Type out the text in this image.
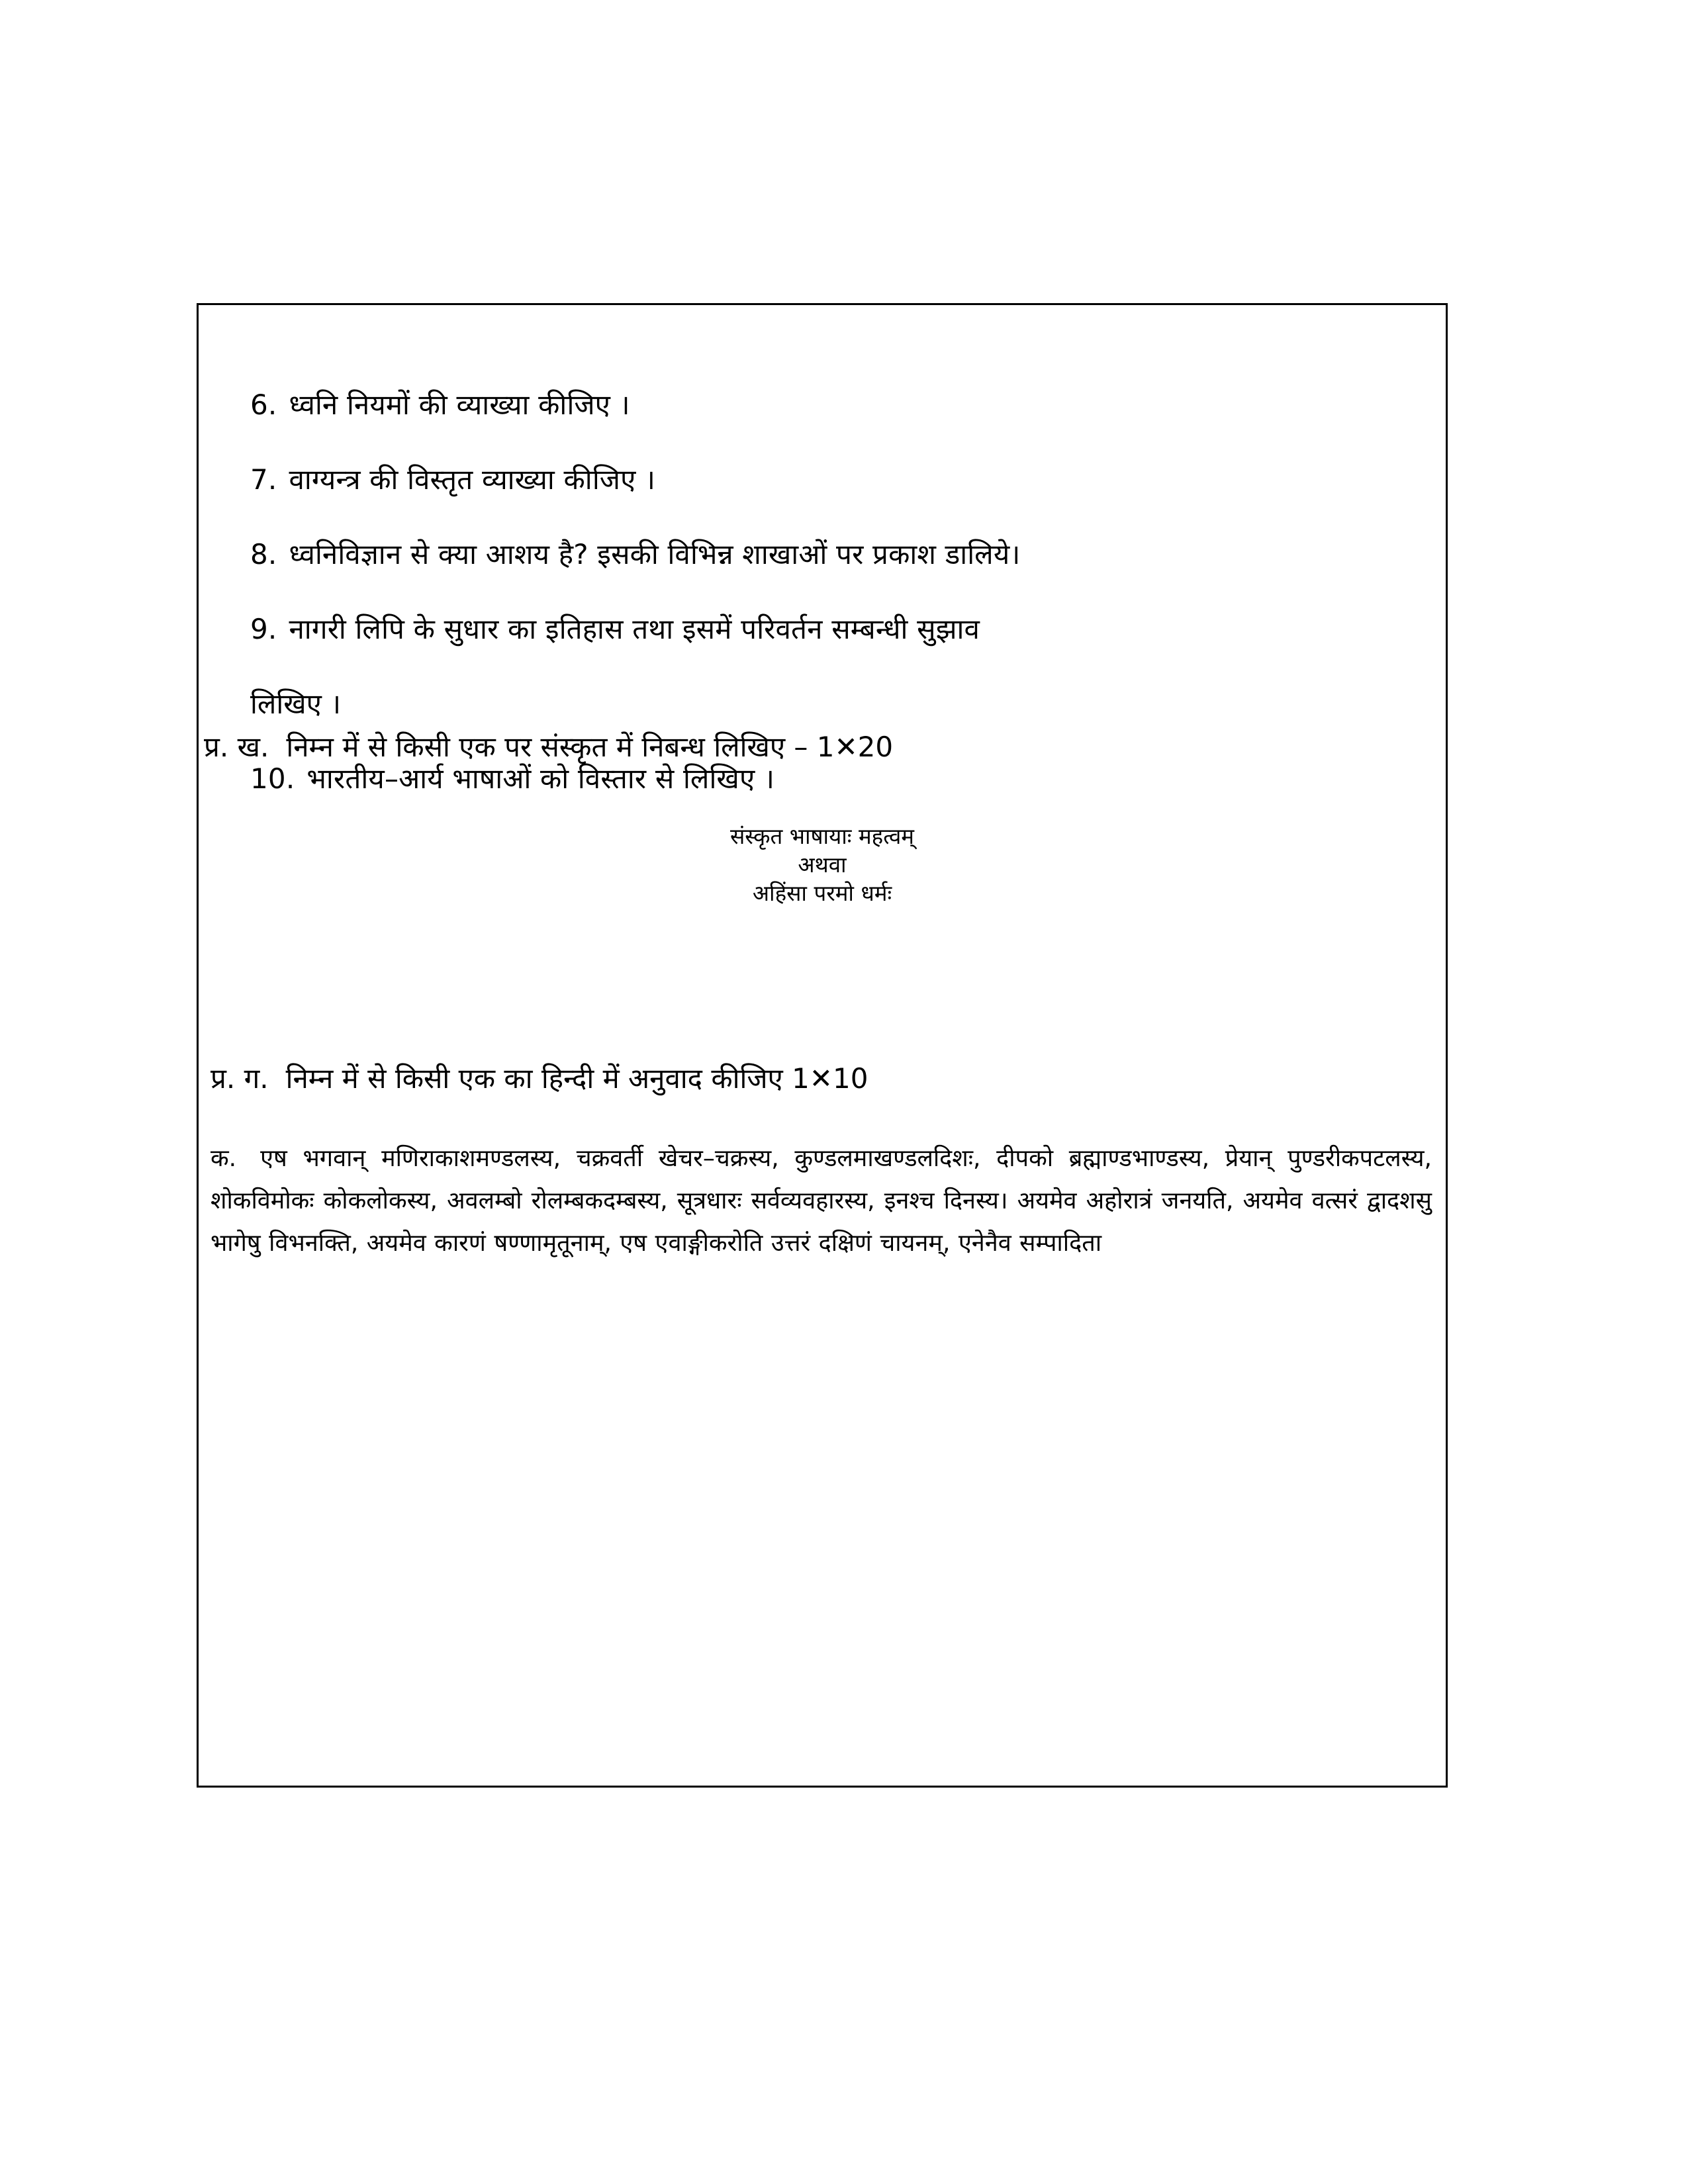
6. ध्वनि नियमों की व्याख्या कीजिए ।
7. वाग्यन्त्र की विस्तृत व्याख्या कीजिए ।
8. ध्वनिविज्ञान से क्या आशय है? इसकी विभिन्न शाखाओं पर प्रकाश डालिये।
9. नागरी लिपि के सुधार का इतिहास तथा इसमें परिवर्तन सम्बन्धी सुझाव
लिखिए ।
10. भारतीय–आर्य भाषाओं को विस्तार से लिखिए ।
प्र. ख. निम्न में से किसी एक पर संस्कृत में निबन्ध लिखिए – 1✕20
संस्कृत भाषायाः महत्वम्
अथवा
अहिंसा परमो धर्मः
प्र. ग. निम्न में से किसी एक का हिन्दी में अनुवाद कीजिए 1✕10
क. एष भगवान् मणिराकाशमण्डलस्य, चक्रवर्ती खेचर–चक्रस्य, कुण्डलमाखण्डलदिशः, दीपको ब्रह्माण्डभाण्डस्य, प्रेयान् पुण्डरीकपटलस्य, शोकविमोकः कोकलोकस्य, अवलम्बो रोलम्बकदम्बस्य, सूत्रधारः सर्वव्यवहारस्य, इनश्च दिनस्य। अयमेव अहोरात्रं जनयति, अयमेव वत्सरं द्वादशसु भागेषु विभनक्ति, अयमेव कारणं षण्णामृतूनाम्, एष एवाङ्गीकरोति उत्तरं दक्षिणं चायनम्, एनेनैव सम्पादिता
